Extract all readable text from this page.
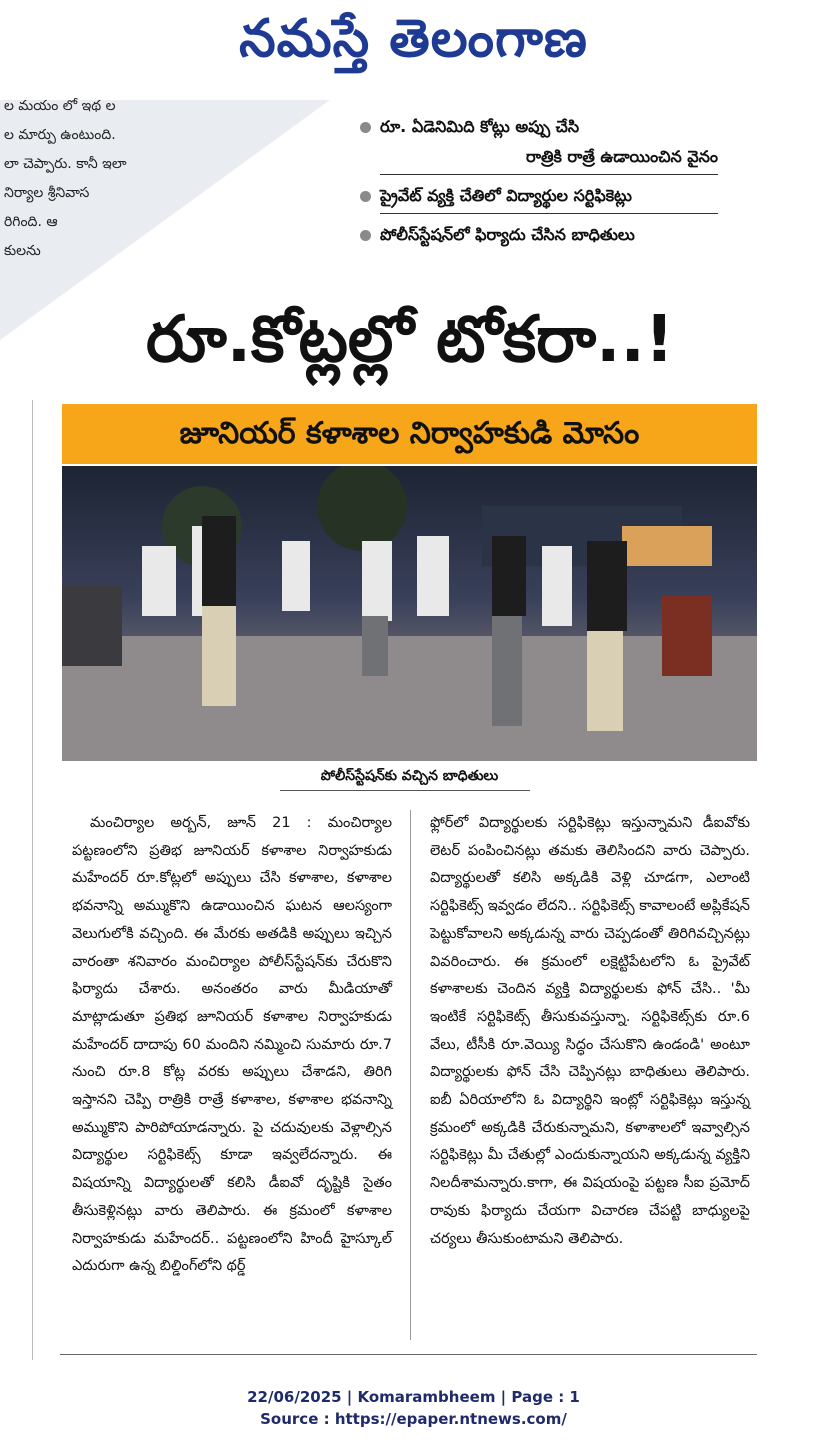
నమస్తే తెలంగాణ
ల మయం లో ఇథ ల
ల మార్పు ఉంటుంది.
లా చెప్పారు. కానీ ఇలా
నిర్యాల శ్రీనివాస
రిగింది. ఆ
కులను
రూ. ఏడెనిమిది కోట్లు అప్పు చేసి
రాత్రికి రాత్రే ఉడాయించిన వైనం
ప్రైవేట్ వ్యక్తి చేతిలో విద్యార్థుల సర్టిఫికెట్లు
పోలీస్‌స్టేషన్‌లో ఫిర్యాదు చేసిన బాధితులు
రూ.కోట్లల్లో టోకరా..!
జూనియర్ కళాశాల నిర్వాహకుడి మోసం
పోలీస్‌స్టేషన్‌కు వచ్చిన బాధితులు

మంచిర్యాల అర్బన్, జూన్ 21 : మంచిర్యాల పట్టణంలోని ప్రతిభ జూనియర్ కళాశాల నిర్వాహకుడు మహేందర్ రూ.కోట్లలో అప్పులు చేసి కళాశాల, కళాశాల భవనాన్ని అమ్ముకొని ఉడాయించిన ఘటన ఆలస్యంగా వెలుగులోకి వచ్చింది. ఈ మేరకు అతడికి అప్పులు ఇచ్చిన వారంతా శనివారం మంచిర్యాల పోలీస్‌స్టేషన్‌కు చేరుకొని ఫిర్యాదు చేశారు. అనంతరం వారు మీడియాతో మాట్లాడుతూ ప్రతిభ జూనియర్ కళాశాల నిర్వాహకుడు మహేందర్ దాదాపు 60 మందిని నమ్మించి సుమారు రూ.7 నుంచి రూ.8 కోట్ల వరకు అప్పులు చేశాడని, తిరిగి ఇస్తానని చెప్పి రాత్రికి రాత్రే కళాశాల, కళాశాల భవనాన్ని అమ్ముకొని పారిపోయాడన్నారు. పై చదువులకు వెళ్లాల్సిన విద్యార్థుల సర్టిఫికెట్స్ కూడా ఇవ్వలేదన్నారు. ఈ విషయాన్ని విద్యార్థులతో కలిసి డీఐవో దృష్టికి సైతం తీసుకెళ్లినట్లు వారు తెలిపారు. ఈ క్రమంలో కళాశాల నిర్వాహకుడు మహేందర్.. పట్టణంలోని హిందీ హైస్కూల్ ఎదురుగా ఉన్న బిల్డింగ్‌లోని థర్డ్

ఫ్లోర్‌లో విద్యార్థులకు సర్టిఫికెట్లు ఇస్తున్నామని డీఐవోకు లెటర్ పంపించినట్లు తమకు తెలిసిందని వారు చెప్పారు. విద్యార్థులతో కలిసి అక్కడికి వెళ్లి చూడగా, ఎలాంటి సర్టిఫికెట్స్ ఇవ్వడం లేదని.. సర్టిఫికెట్స్ కావాలంటే అప్లికేషన్ పెట్టుకోవాలని అక్కడున్న వారు చెప్పడంతో తిరిగివచ్చినట్లు వివరించారు. ఈ క్రమంలో లక్షెట్టిపేటలోని ఓ ప్రైవేట్ కళాశాలకు చెందిన వ్యక్తి విద్యార్థులకు ఫోన్ చేసి.. 'మీ ఇంటికే సర్టిఫికెట్స్ తీసుకువస్తున్నా. సర్టిఫికెట్స్‌కు రూ.6 వేలు, టీసీకి రూ.వెయ్యి సిద్ధం చేసుకొని ఉండండి' అంటూ విద్యార్థులకు ఫోన్ చేసి చెప్పినట్లు బాధితులు తెలిపారు. ఐబీ ఏరియాలోని ఓ విద్యార్థిని ఇంట్లో సర్టిఫికెట్లు ఇస్తున్న క్రమంలో అక్కడికి చేరుకున్నామని, కళాశాలలో ఇవ్వాల్సిన సర్టిఫికెట్లు మీ చేతుల్లో ఎందుకున్నాయని అక్కడున్న వ్యక్తిని నిలదీశామన్నారు.కాగా, ఈ విషయంపై పట్టణ సీఐ ప్రమోద్ రావుకు ఫిర్యాదు చేయగా విచారణ చేపట్టి బాధ్యులపై చర్యలు తీసుకుంటామని తెలిపారు.

22/06/2025 | Komarambheem | Page : 1
Source : https://epaper.ntnews.com/
